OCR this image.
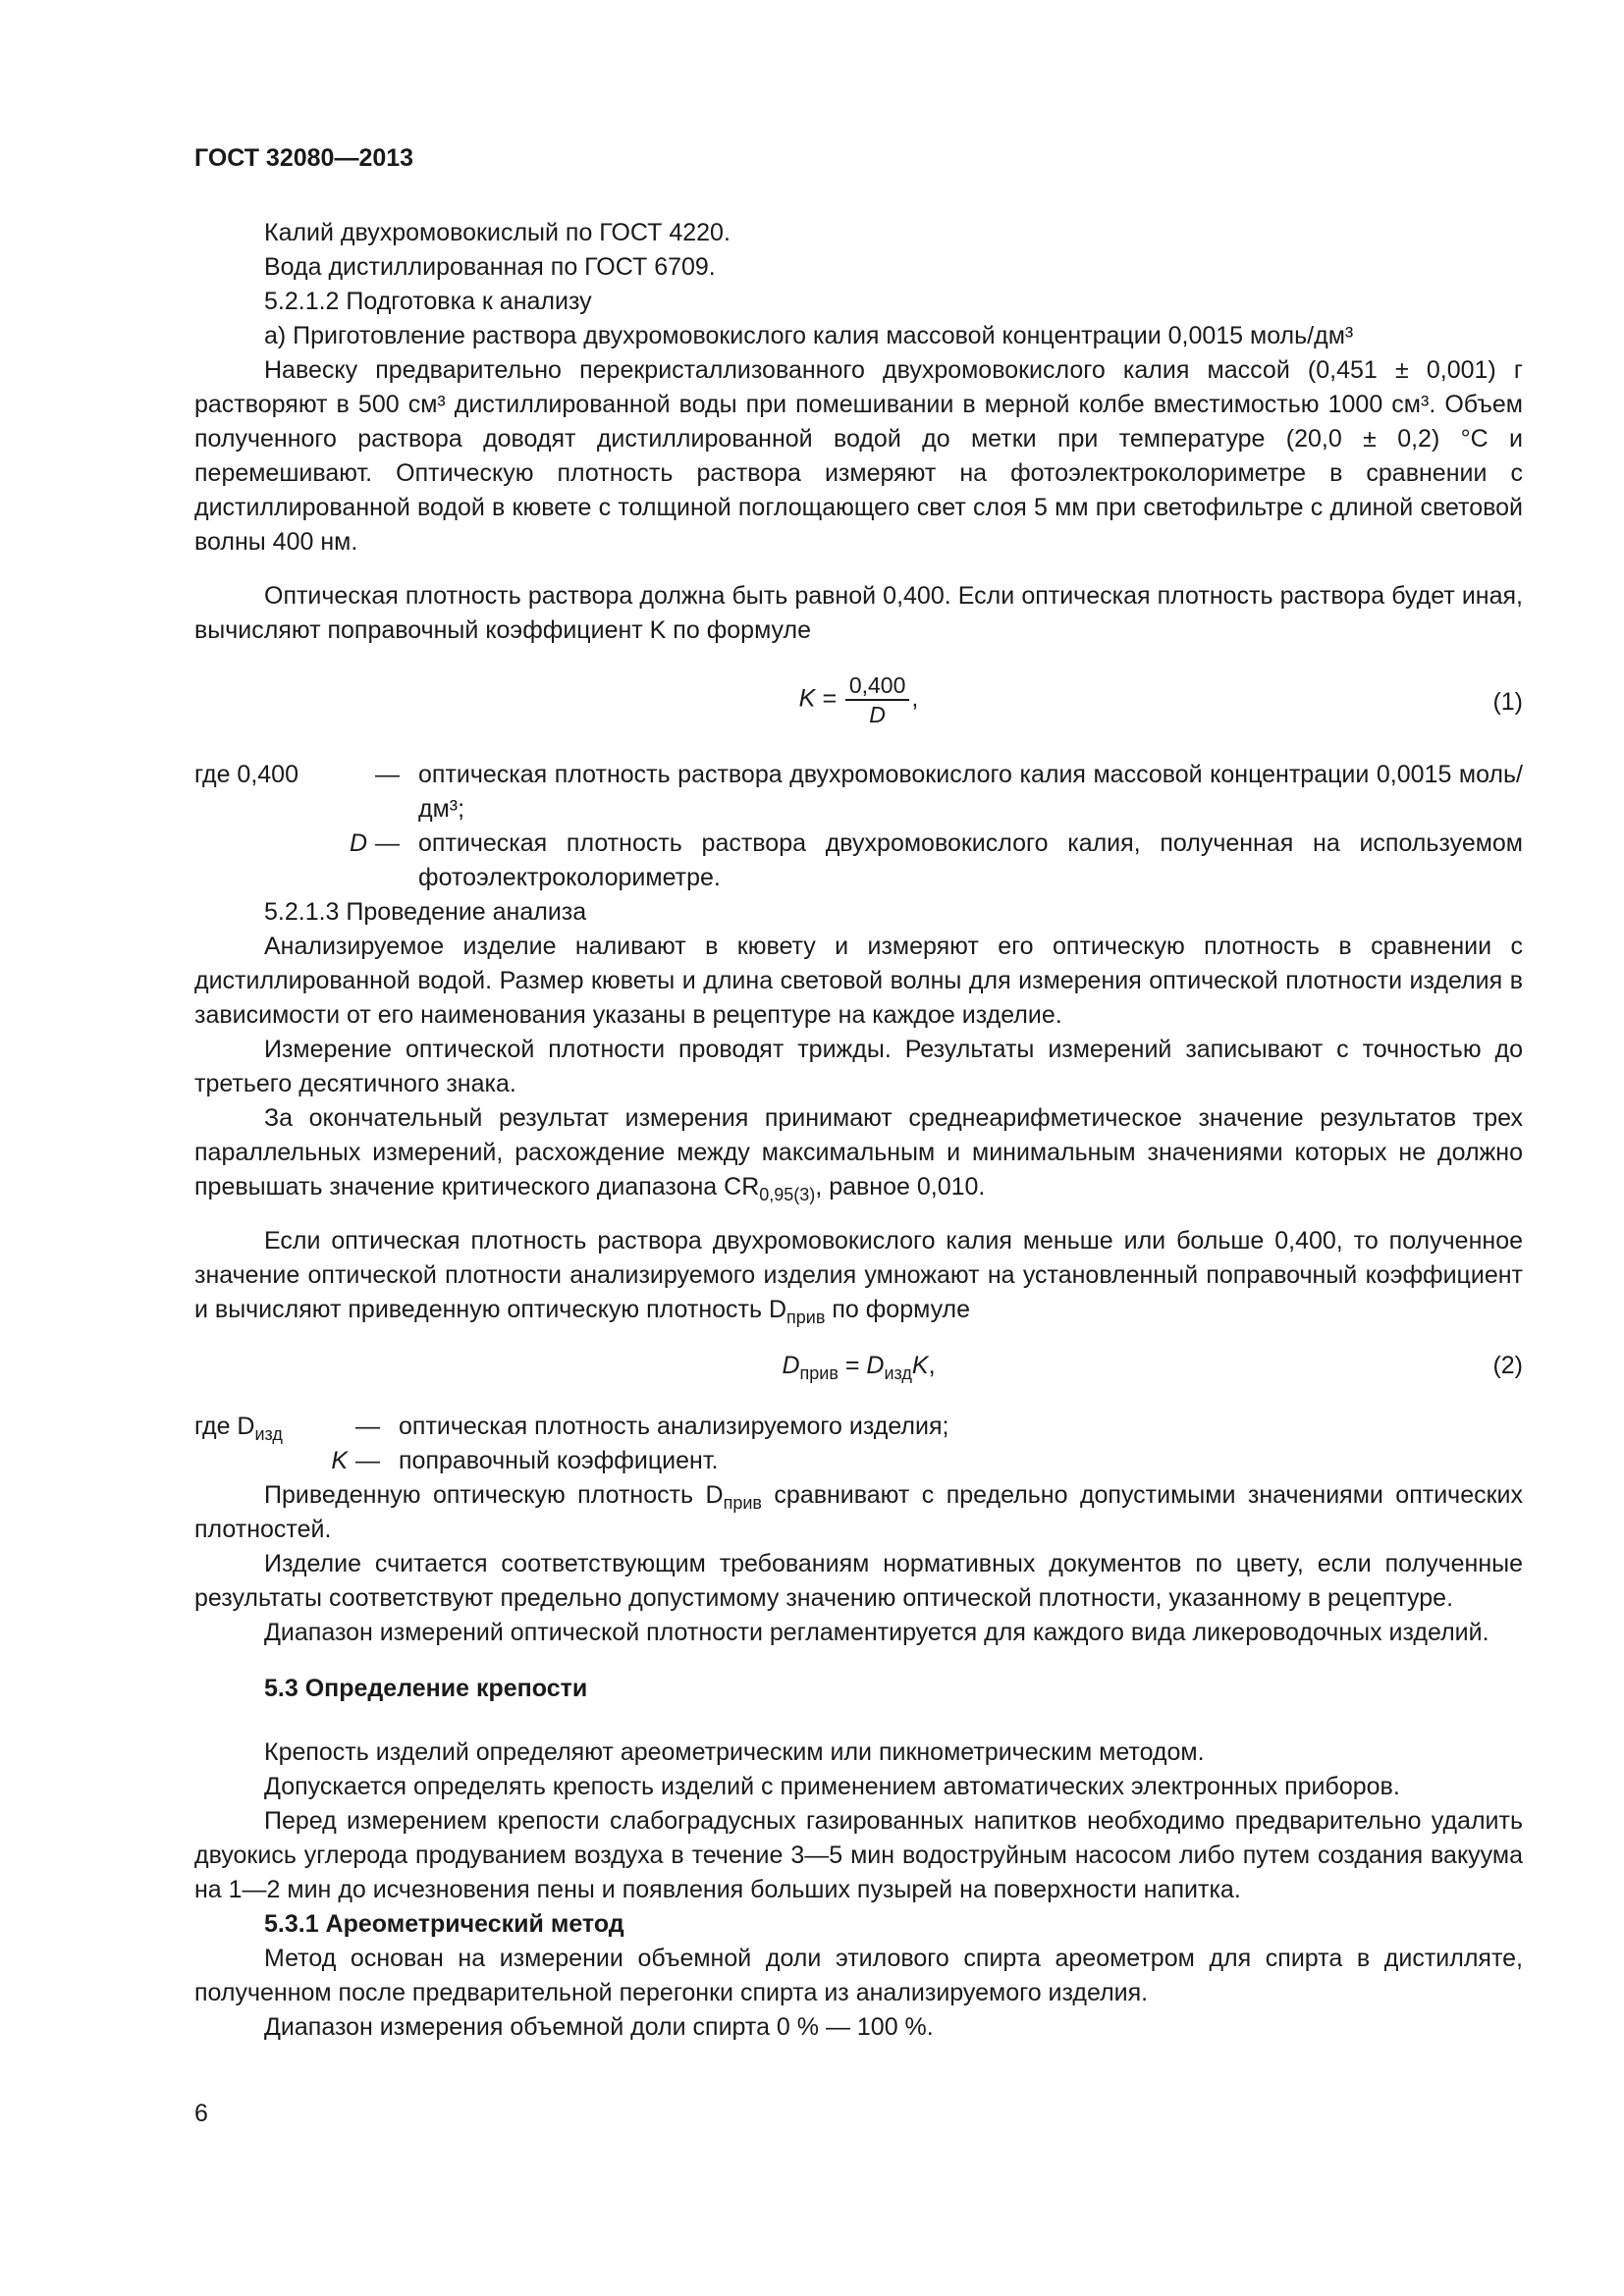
ГОСТ 32080—2013

Калий двухромовокислый по ГОСТ 4220.

Вода дистиллированная по ГОСТ 6709.

5.2.1.2 Подготовка к анализу

а) Приготовление раствора двухромовокислого калия массовой концентрации 0,0015 моль/дм³

Навеску предварительно перекристаллизованного двухромовокислого калия массой (0,451 ± 0,001) г растворяют в 500 см³ дистиллированной воды при помешивании в мерной колбе вместимостью 1000 см³. Объем полученного раствора доводят дистиллированной водой до метки при температуре (20,0 ± 0,2) °C и перемешивают. Оптическую плотность раствора измеряют на фотоэлектроколориметре в сравнении с дистиллированной водой в кювете с толщиной поглощающего свет слоя 5 мм при светофильтре с длиной световой волны 400 нм.

Оптическая плотность раствора должна быть равной 0,400. Если оптическая плотность раствора будет иная, вычисляют поправочный коэффициент K по формуле

$K = \frac{0,400}{D}$ ,	(1)
где 0,400	— оптическая плотность раствора двухромовокислого калия массовой концентрации 0,0015 моль/дм³;
D — оптическая плотность раствора двухромовокислого калия, полученная на используемом фотоэлектроколориметре.

5.2.1.3 Проведение анализа

Анализируемое изделие наливают в кювету и измеряют его оптическую плотность в сравнении с дистиллированной водой. Размер кюветы и длина световой волны для измерения оптической плотности изделия в зависимости от его наименования указаны в рецептуре на каждое изделие.

Измерение оптической плотности проводят трижды. Результаты измерений записывают с точностью до третьего десятичного знака.

За окончательный результат измерения принимают среднеарифметическое значение результатов трех параллельных измерений, расхождение между максимальным и минимальным значениями которых не должно превышать значение критического диапазона $CR_{0,95(3)}$, равное 0,010.

Если оптическая плотность раствора двухромовокислого калия меньше или больше 0,400, то полученное значение оптической плотности анализируемого изделия умножают на установленный поправочный коэффициент и вычисляют приведенную оптическую плотность $D_{прив}$ по формуле

$D_{прив} = D_{изд}K$,	(2)
где $D_{изд}$	— оптическая плотность анализируемого изделия;
K — поправочный коэффициент.

Приведенную оптическую плотность $D_{прив}$ сравнивают с предельно допустимыми значениями оптических плотностей.

Изделие считается соответствующим требованиям нормативных документов по цвету, если полученные результаты соответствуют предельно допустимому значению оптической плотности, указанному в рецептуре.

Диапазон измерений оптической плотности регламентируется для каждого вида ликероводочных изделий.

5.3 Определение крепости

Крепость изделий определяют ареометрическим или пикнометрическим методом.

Допускается определять крепость изделий с применением автоматических электронных приборов.

Перед измерением крепости слабоградусных газированных напитков необходимо предварительно удалить двуокись углерода продуванием воздуха в течение 3—5 мин водоструйным насосом либо путем создания вакуума на 1—2 мин до исчезновения пены и появления больших пузырей на поверхности напитка.

5.3.1 Ареометрический метод

Метод основан на измерении объемной доли этилового спирта ареометром для спирта в дистилляте, полученном после предварительной перегонки спирта из анализируемого изделия.

Диапазон измерения объемной доли спирта 0 % — 100 %.

6
